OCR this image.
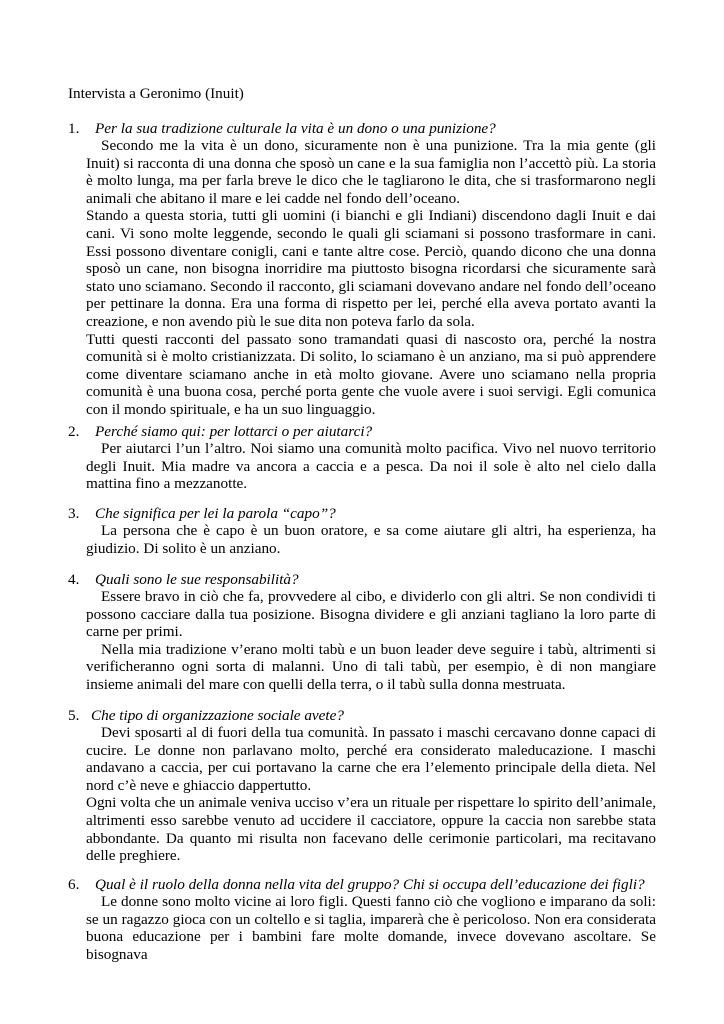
Intervista a Geronimo (Inuit)
1. Per la sua tradizione culturale la vita è un dono o una punizione?

Secondo me la vita è un dono, sicuramente non è una punizione. Tra la mia gente (gli Inuit) si racconta di una donna che sposò un cane e la sua famiglia non l’accettò più. La storia è molto lunga, ma per farla breve le dico che le tagliarono le dita, che si trasformarono negli animali che abitano il mare e lei cadde nel fondo dell’oceano.

Stando a questa storia, tutti gli uomini (i bianchi e gli Indiani) discendono dagli Inuit e dai cani. Vi sono molte leggende, secondo le quali gli sciamani si possono trasformare in cani. Essi possono diventare conigli, cani e tante altre cose. Perciò, quando dicono che una donna sposò un cane, non bisogna inorridire ma piuttosto bisogna ricordarsi che sicuramente sarà stato uno sciamano. Secondo il racconto, gli sciamani dovevano andare nel fondo dell’oceano per pettinare la donna. Era una forma di rispetto per lei, perché ella aveva portato avanti la creazione, e non avendo più le sue dita non poteva farlo da sola.

Tutti questi racconti del passato sono tramandati quasi di nascosto ora, perché la nostra comunità si è molto cristianizzata. Di solito, lo sciamano è un anziano, ma si può apprendere come diventare sciamano anche in età molto giovane. Avere uno sciamano nella propria comunità è una buona cosa, perché porta gente che vuole avere i suoi servigi. Egli comunica con il mondo spirituale, e ha un suo linguaggio.

2. Perché siamo qui: per lottarci o per aiutarci?

Per aiutarci l’un l’altro. Noi siamo una comunità molto pacifica. Vivo nel nuovo territorio degli Inuit. Mia madre va ancora a caccia e a pesca. Da noi il sole è alto nel cielo dalla mattina fino a mezzanotte.

3. Che significa per lei la parola “capo”?

La persona che è capo è un buon oratore, e sa come aiutare gli altri, ha esperienza, ha giudizio. Di solito è un anziano.

4. Quali sono le sue responsabilità?

Essere bravo in ciò che fa, provvedere al cibo, e dividerlo con gli altri. Se non condividi ti possono cacciare dalla tua posizione. Bisogna dividere e gli anziani tagliano la loro parte di carne per primi.

Nella mia tradizione v’erano molti tabù e un buon leader deve seguire i tabù, altrimenti si verificheranno ogni sorta di malanni. Uno di tali tabù, per esempio, è di non mangiare insieme animali del mare con quelli della terra, o il tabù sulla donna mestruata.

5. Che tipo di organizzazione sociale avete?

Devi sposarti al di fuori della tua comunità. In passato i maschi cercavano donne capaci di cucire. Le donne non parlavano molto, perché era considerato maleducazione. I maschi andavano a caccia, per cui portavano la carne che era l’elemento principale della dieta. Nel nord c’è neve e ghiaccio dappertutto.

Ogni volta che un animale veniva ucciso v’era un rituale per rispettare lo spirito dell’animale, altrimenti esso sarebbe venuto ad uccidere il cacciatore, oppure la caccia non sarebbe stata abbondante. Da quanto mi risulta non facevano delle cerimonie particolari, ma recitavano delle preghiere.

6. Qual è il ruolo della donna nella vita del gruppo? Chi si occupa dell’educazione dei figli?

Le donne sono molto vicine ai loro figli. Questi fanno ciò che vogliono e imparano da soli: se un ragazzo gioca con un coltello e si taglia, imparerà che è pericoloso. Non era considerata buona educazione per i bambini fare molte domande, invece dovevano ascoltare. Se bisognava
